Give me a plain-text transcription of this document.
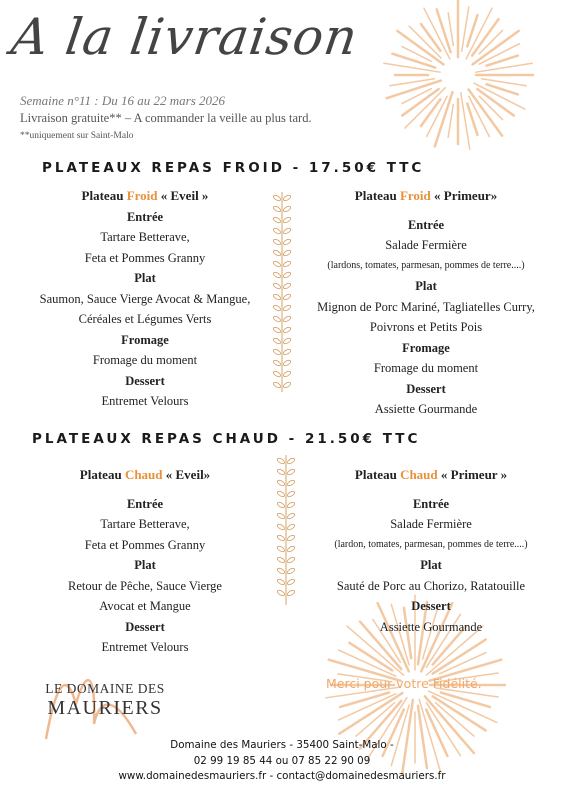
A la livraison
Semaine n°11 : Du 16 au 22 mars 2026
Livraison gratuite** – A commander la veille au plus tard.
**uniquement sur Saint-Malo
PLATEAUX REPAS FROID - 17.50€ TTC
Plateau Froid « Eveil »
Entrée
Tartare Betterave,
Feta et Pommes Granny
Plat
Saumon, Sauce Vierge Avocat & Mangue,
Céréales et Légumes Verts
Fromage
Fromage du moment
Dessert
Entremet Velours
Plateau Froid « Primeur»
Entrée
Salade Fermière
(lardons, tomates, parmesan, pommes de terre....)
Plat
Mignon de Porc Mariné, Tagliatelles Curry,
Poivrons et Petits Pois
Fromage
Fromage du moment
Dessert
Assiette Gourmande
PLATEAUX REPAS CHAUD - 21.50€ TTC
Plateau Chaud « Eveil»
Entrée
Tartare Betterave,
Feta et Pommes Granny
Plat
Retour de Pêche, Sauce Vierge
Avocat et Mangue
Dessert
Entremet Velours
Plateau Chaud « Primeur »
Entrée
Salade Fermière
(lardon, tomates, parmesan, pommes de terre....)
Plat
Sauté de Porc au Chorizo, Ratatouille
Dessert
Assiette Gourmande
LE DOMAINE DES
MAURIERS
Merci pour votre Fidélité.
Domaine des Mauriers - 35400 Saint-Malo -
02 99 19 85 44 ou 07 85 22 90 09
www.domainedesmauriers.fr - contact@domainedesmauriers.fr
